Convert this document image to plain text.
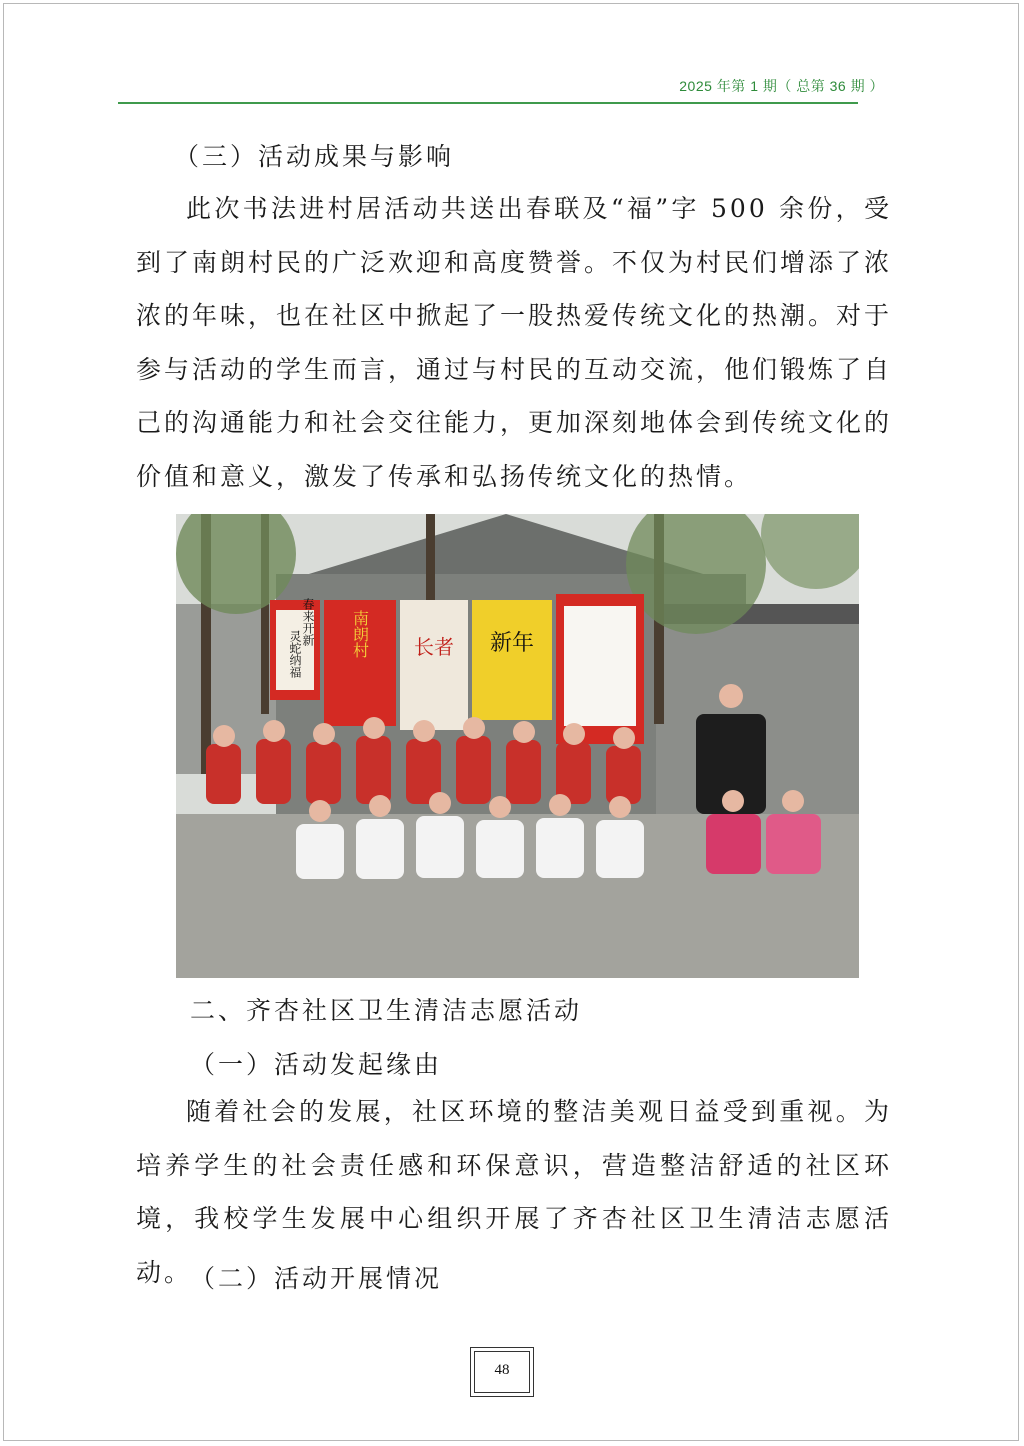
2025 年第 1 期（ 总第 36 期 ）
（三）活动成果与影响
此次书法进村居活动共送出春联及“福”字 500 余份，受到了南朗村民的广泛欢迎和高度赞誉。不仅为村民们增添了浓浓的年味，也在社区中掀起了一股热爱传统文化的热潮。对于参与活动的学生而言，通过与村民的互动交流，他们锻炼了自己的沟通能力和社会交往能力，更加深刻地体会到传统文化的价值和意义，激发了传承和弘扬传统文化的热情。
灵蛇纳福
春来开新 南朗村 长者 新年
二、齐杏社区卫生清洁志愿活动
（一）活动发起缘由
随着社会的发展，社区环境的整洁美观日益受到重视。为培养学生的社会责任感和环保意识，营造整洁舒适的社区环境，我校学生发展中心组织开展了齐杏社区卫生清洁志愿活动。
（二）活动开展情况
48
